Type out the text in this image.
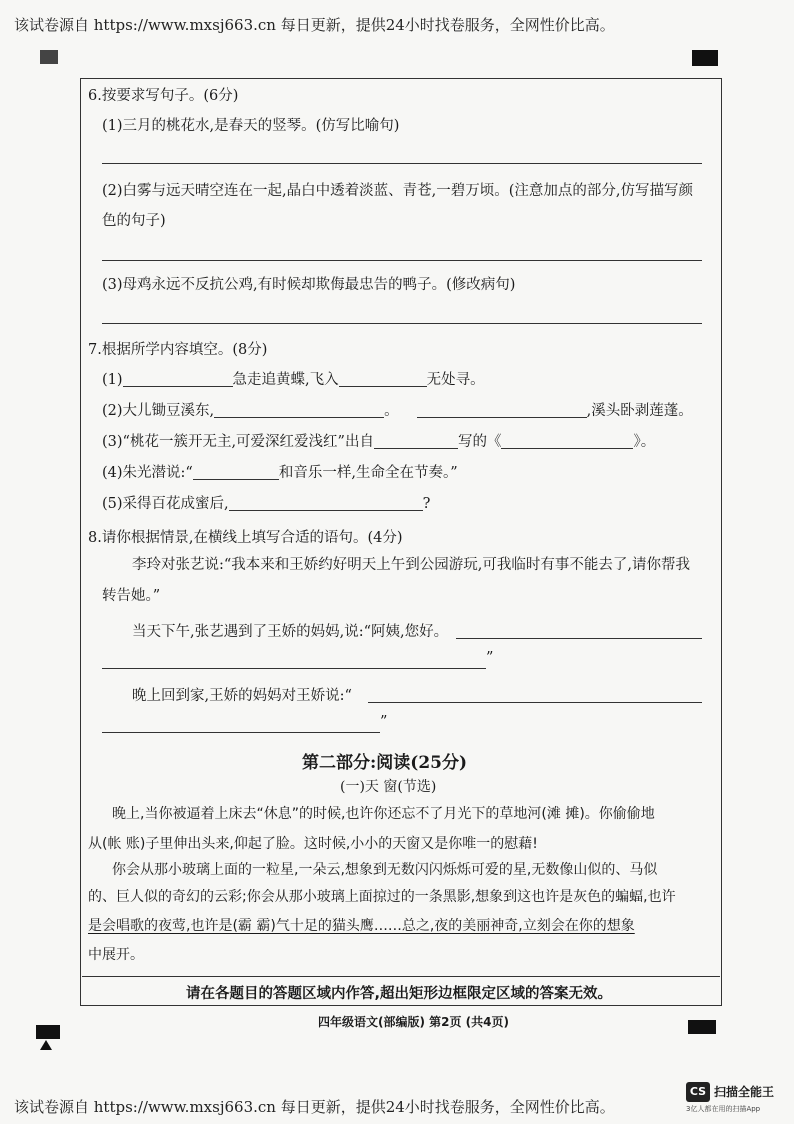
该试卷源自 https://www.mxsj663.cn 每日更新，提供24小时找卷服务，全网性价比高。
6.按要求写句子。(6分)
(1)三月的桃花水,是春天的竖琴。(仿写比喻句)
(2)白雾与远天晴空连在一起,晶白中透着淡蓝、青苍,一碧万顷。(注意加点的部分,仿写描写颜
色的句子)
(3)母鸡永远不反抗公鸡,有时候却欺侮最忠告的鸭子。(修改病句)
7.根据所学内容填空。(8分)
(1)	急走追黄蝶,飞入	无处寻。
(2)大儿锄豆溪东,	。	,溪头卧剥莲蓬。
(3)“桃花一簇开无主,可爱深红爱浅红”出自	写的《	》。
(4)朱光潜说:“	和音乐一样,生命全在节奏。”
(5)采得百花成蜜后,	?
8.请你根据情景,在横线上填写合适的语句。(4分)
李玲对张艺说:“我本来和王娇约好明天上午到公园游玩,可我临时有事不能去了,请你帮我
转告她。”
当天下午,张艺遇到了王娇的妈妈,说:“阿姨,您好。
”
晚上回到家,王娇的妈妈对王娇说:“
”
第二部分:阅读(25分)
(一)天 窗(节选)
晚上,当你被逼着上床去“休息”的时候,也许你还忘不了月光下的草地河(滩 摊)。你偷偷地
从(帐 账)子里伸出头来,仰起了脸。这时候,小小的天窗又是你唯一的慰藉!
你会从那小玻璃上面的一粒星,一朵云,想象到无数闪闪烁烁可爱的星,无数像山似的、马似
的、巨人似的奇幻的云彩;你会从那小玻璃上面掠过的一条黑影,想象到这也许是灰色的蝙蝠,也许
是会唱歌的夜莺,也许是(霸 霸)气十足的猫头鹰……总之,夜的美丽神奇,立刻会在你的想象
中展开。
请在各题目的答题区域内作答,超出矩形边框限定区域的答案无效。
四年级语文(部编版) 第2页 (共4页)
该试卷源自 https://www.mxsj663.cn 每日更新，提供24小时找卷服务，全网性价比高。
CS 扫描全能王
3亿人都在用的扫描App
